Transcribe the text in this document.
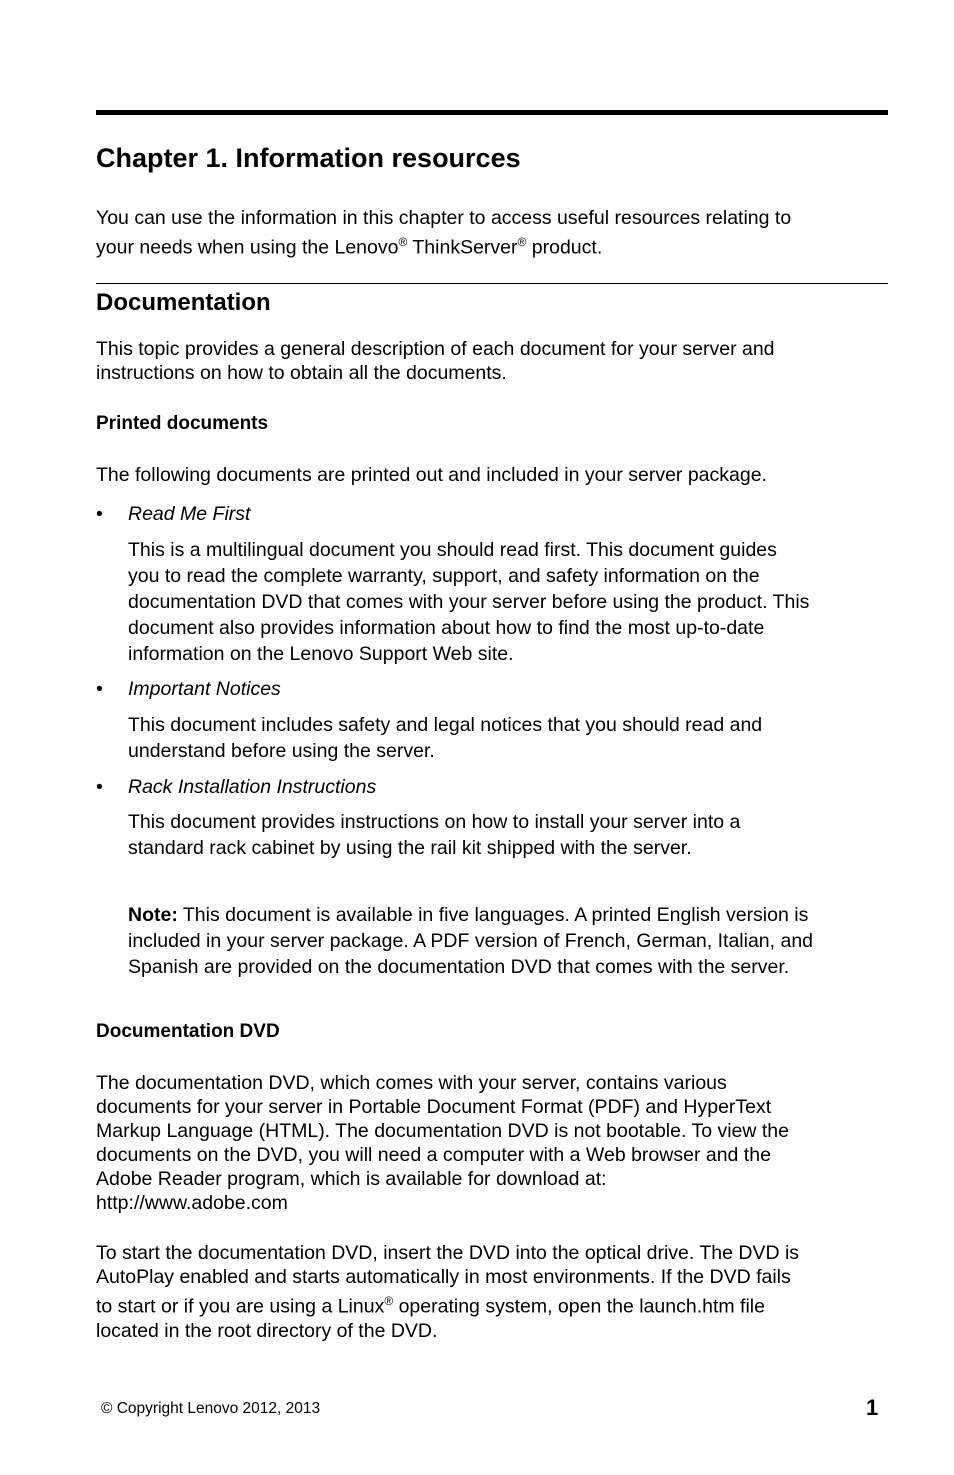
Chapter 1. Information resources
You can use the information in this chapter to access useful resources relating to
your needs when using the Lenovo® ThinkServer® product.
Documentation
This topic provides a general description of each document for your server and
instructions on how to obtain all the documents.
Printed documents
The following documents are printed out and included in your server package.
• Read Me First
This is a multilingual document you should read first. This document guides
you to read the complete warranty, support, and safety information on the
documentation DVD that comes with your server before using the product. This
document also provides information about how to find the most up-to-date
information on the Lenovo Support Web site.
• Important Notices
This document includes safety and legal notices that you should read and
understand before using the server.
• Rack Installation Instructions
This document provides instructions on how to install your server into a
standard rack cabinet by using the rail kit shipped with the server.
Note: This document is available in five languages. A printed English version is
included in your server package. A PDF version of French, German, Italian, and
Spanish are provided on the documentation DVD that comes with the server.
Documentation DVD
The documentation DVD, which comes with your server, contains various
documents for your server in Portable Document Format (PDF) and HyperText
Markup Language (HTML). The documentation DVD is not bootable. To view the
documents on the DVD, you will need a computer with a Web browser and the
Adobe Reader program, which is available for download at:
http://www.adobe.com
To start the documentation DVD, insert the DVD into the optical drive. The DVD is
AutoPlay enabled and starts automatically in most environments. If the DVD fails
to start or if you are using a Linux® operating system, open the launch.htm file
located in the root directory of the DVD.
© Copyright Lenovo 2012, 2013	1
